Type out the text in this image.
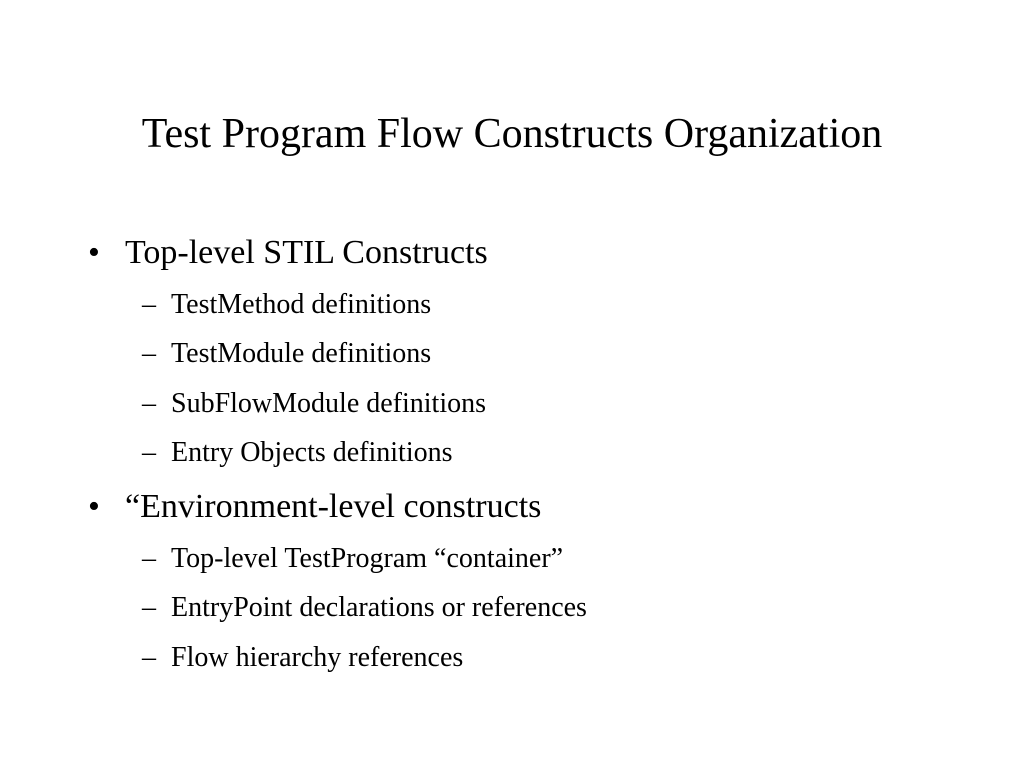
Test Program Flow Constructs Organization
• Top-level STIL Constructs
– TestMethod definitions
– TestModule definitions
– SubFlowModule definitions
– Entry Objects definitions
• “Environment-level constructs
– Top-level TestProgram “container”
– EntryPoint declarations or references
– Flow hierarchy references
